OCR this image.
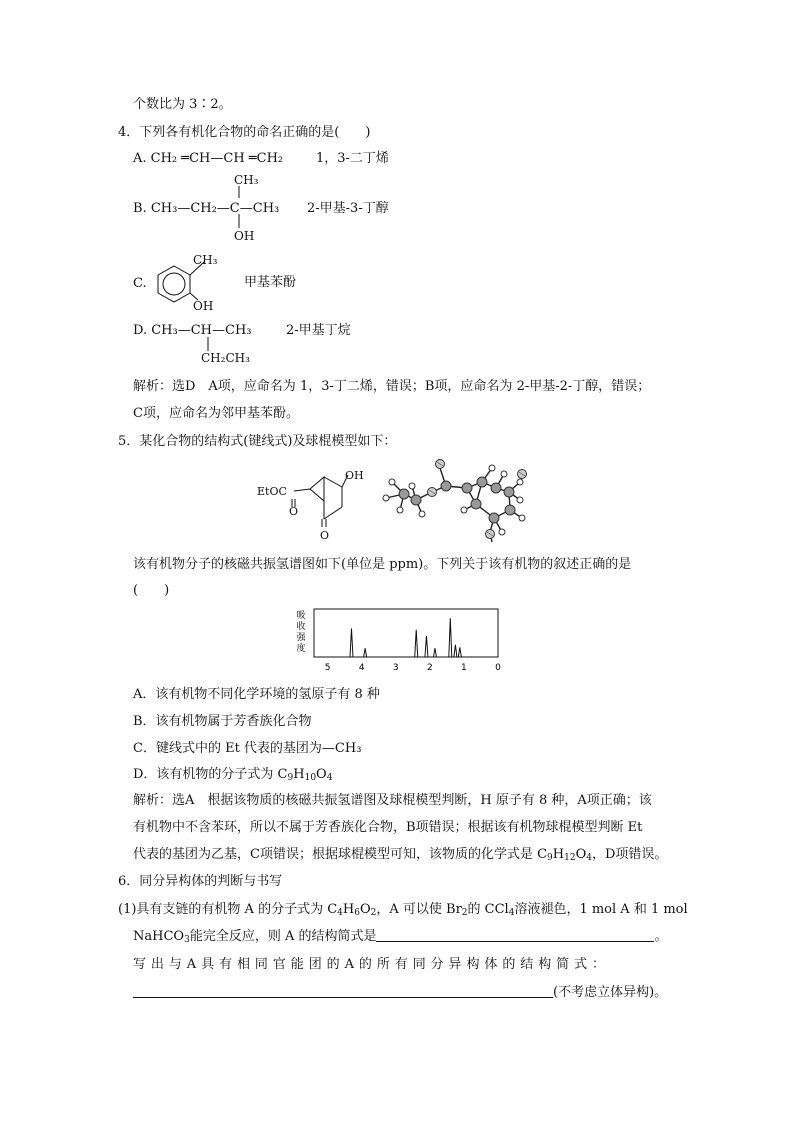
个数比为 3∶2。
4．下列各有机化合物的命名正确的是(　　)
A. CH₂ ═CH—CH ═CH₂	1，3-二丁烯
CH₃
B. CH₃—CH₂—C—CH₃
OH
2-甲基-3-丁醇
C.
CH₃
OH
甲基苯酚
D. CH₃—CH—CH₃
CH₂CH₃
2-甲基丁烷
解析：选D　A项，应命名为 1，3-丁二烯，错误；B项，应命名为 2-甲基-2-丁醇，错误；
C项，应命名为邻甲基苯酚。
5．某化合物的结构式(键线式)及球棍模型如下：
EtOC
O
OH
O
该有机物分子的核磁共振氢谱图如下(单位是 ppm)。下列关于该有机物的叙述正确的是
(　　)
吸
收
强
度
5	4	3	2	1	0
A．该有机物不同化学环境的氢原子有 8 种
B．该有机物属于芳香族化合物
C．键线式中的 Et 代表的基团为—CH₃
D．该有机物的分子式为 $C_9H_{10}O_4$
解析：选A　根据该物质的核磁共振氢谱图及球棍模型判断，H 原子有 8 种，A项正确；该
有机物中不含苯环，所以不属于芳香族化合物，B项错误；根据该有机物球棍模型判断 Et
代表的基团为乙基，C项错误；根据球棍模型可知，该物质的化学式是 $C_9H_{12}O_4$，D项错误。
6．同分异构体的判断与书写
(1)具有支链的有机物 A 的分子式为 $C_4H_6O_2$，A 可以使 $Br_2$的 CCl$_4$溶液褪色，1 mol A 和 1 mol
NaHCO$_3$能完全反应，则 A 的结构简式是	。
写 出 与 A 具 有 相 同 官 能 团 的 A 的 所 有 同 分 异 构 体 的 结 构 简 式 ：
(不考虑立体异构)。
